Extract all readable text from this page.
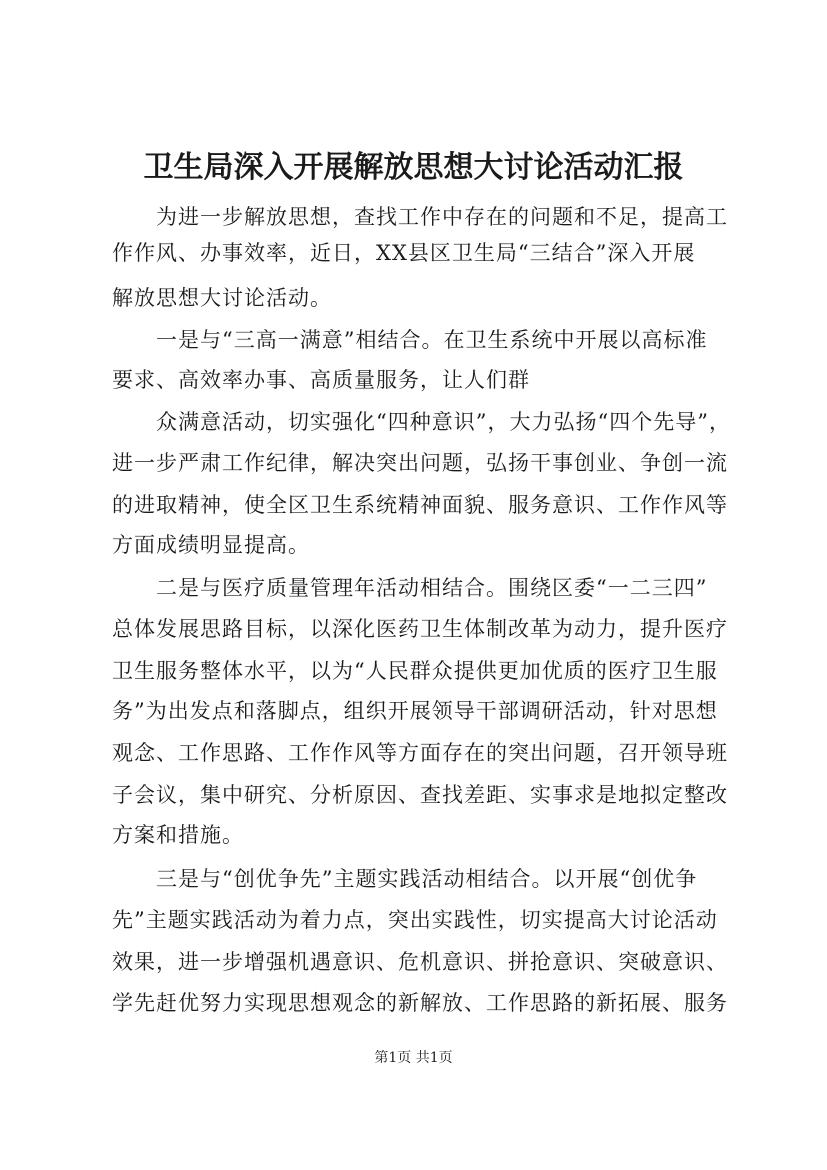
卫生局深入开展解放思想大讨论活动汇报

为进一步解放思想，查找工作中存在的问题和不足，提高工

作作风、办事效率，近日，XX县区卫生局“三结合”深入开展

解放思想大讨论活动。

一是与“三高一满意”相结合。在卫生系统中开展以高标准

要求、高效率办事、高质量服务，让人们群

众满意活动，切实强化“四种意识”，大力弘扬“四个先导”，

进一步严肃工作纪律，解决突出问题，弘扬干事创业、争创一流

的进取精神，使全区卫生系统精神面貌、服务意识、工作作风等

方面成绩明显提高。

二是与医疗质量管理年活动相结合。围绕区委“一二三四”

总体发展思路目标，以深化医药卫生体制改革为动力，提升医疗

卫生服务整体水平，以为“人民群众提供更加优质的医疗卫生服

务”为出发点和落脚点，组织开展领导干部调研活动，针对思想

观念、工作思路、工作作风等方面存在的突出问题，召开领导班

子会议，集中研究、分析原因、查找差距、实事求是地拟定整改

方案和措施。

三是与“创优争先”主题实践活动相结合。以开展“创优争

先”主题实践活动为着力点，突出实践性，切实提高大讨论活动

效果，进一步增强机遇意识、危机意识、拼抢意识、突破意识、

学先赶优努力实现思想观念的新解放、工作思路的新拓展、服务

第1页 共1页
